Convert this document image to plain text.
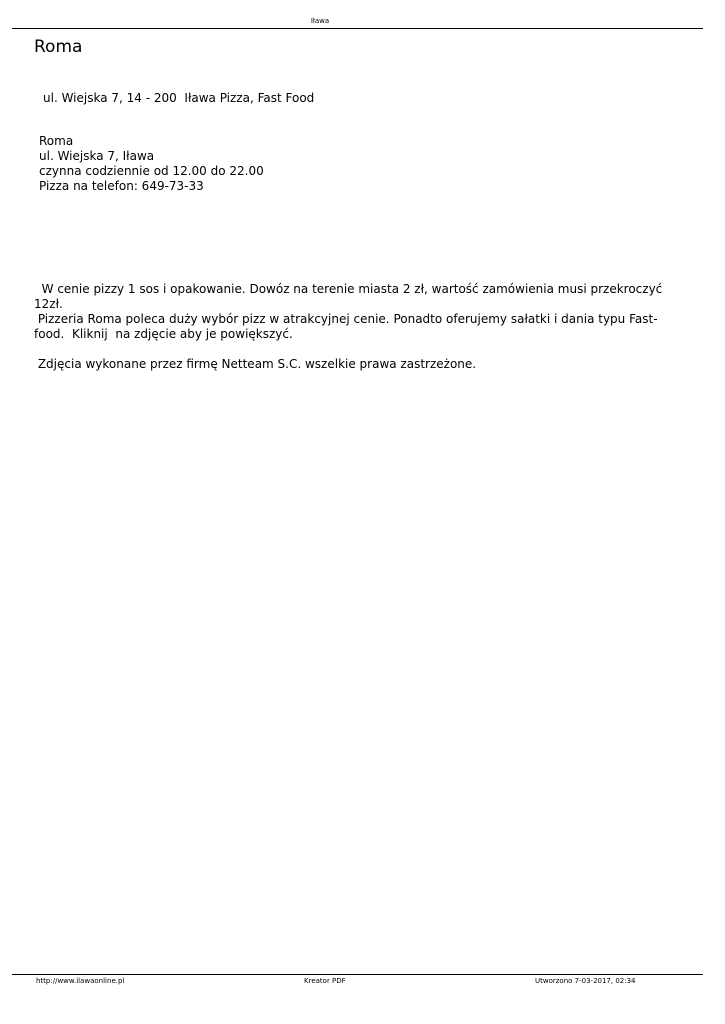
Iława
Roma
ul. Wiejska 7, 14 - 200  Iława Pizza, Fast Food
Roma
ul. Wiejska 7, Iława
czynna codziennie od 12.00 do 22.00
Pizza na telefon: 649-73-33

W cenie pizzy 1 sos i opakowanie. Dowóz na terenie miasta 2 zł, wartość zamówienia musi przekroczyć 12zł.

Pizzeria Roma poleca duży wybór pizz w atrakcyjnej cenie. Ponadto oferujemy sałatki i dania typu Fast-food.  Kliknij  na zdjęcie aby je powiększyć.

Zdjęcia wykonane przez firmę Netteam S.C. wszelkie prawa zastrzeżone.

http://www.ilawaonline.pl	Kreator PDF	Utworzono 7-03-2017, 02:34
